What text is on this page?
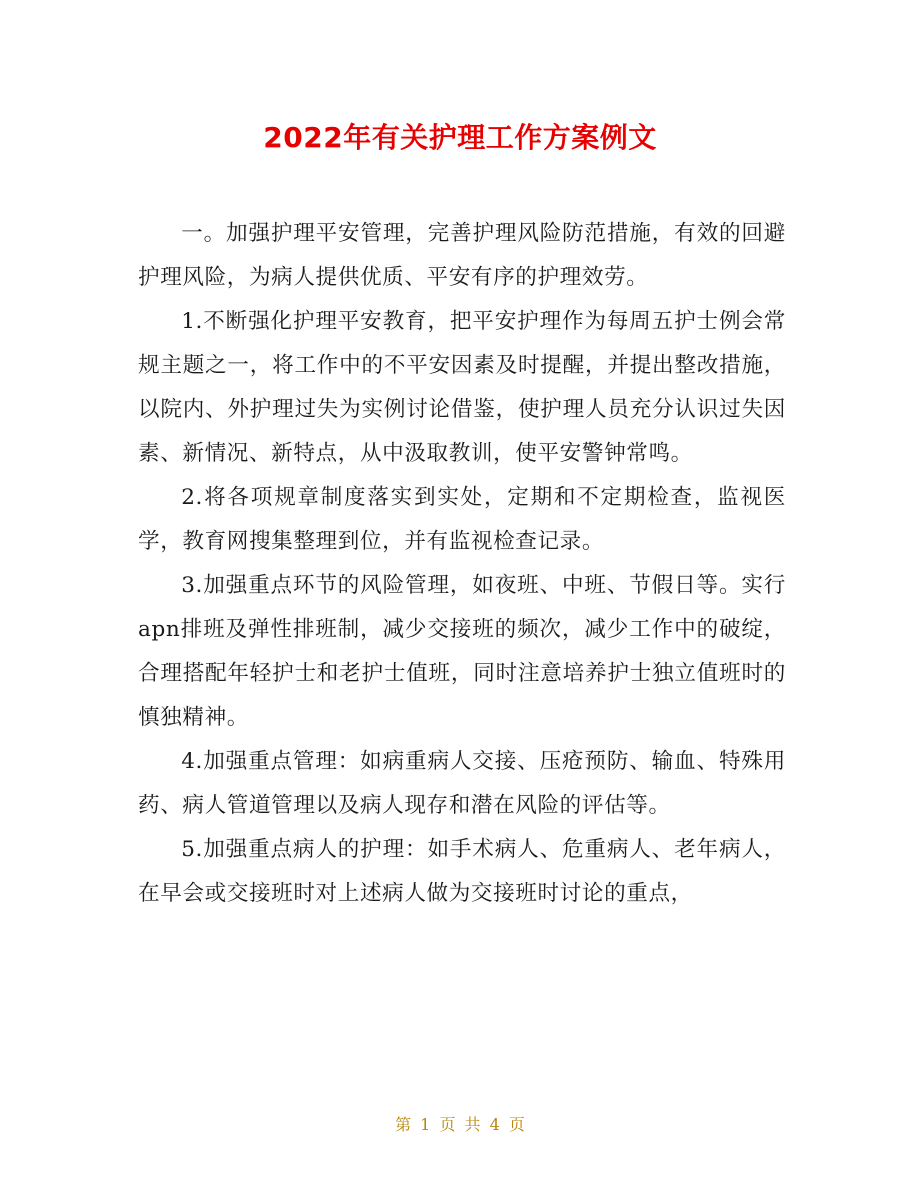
2022年有关护理工作方案例文

一。加强护理平安管理，完善护理风险防范措施，有效的回避护理风险，为病人提供优质、平安有序的护理效劳。

1.不断强化护理平安教育，把平安护理作为每周五护士例会常规主题之一，将工作中的不平安因素及时提醒，并提出整改措施，以院内、外护理过失为实例讨论借鉴，使护理人员充分认识过失因素、新情况、新特点，从中汲取教训，使平安警钟常鸣。

2.将各项规章制度落实到实处，定期和不定期检查，监视医学，教育网搜集整理到位，并有监视检查记录。

3.加强重点环节的风险管理，如夜班、中班、节假日等。实行apn排班及弹性排班制，减少交接班的频次，减少工作中的破绽，合理搭配年轻护士和老护士值班，同时注意培养护士独立值班时的慎独精神。

4.加强重点管理：如病重病人交接、压疮预防、输血、特殊用药、病人管道管理以及病人现存和潜在风险的评估等。

5.加强重点病人的护理：如手术病人、危重病人、老年病人，在早会或交接班时对上述病人做为交接班时讨论的重点，

第 1 页 共 4 页
